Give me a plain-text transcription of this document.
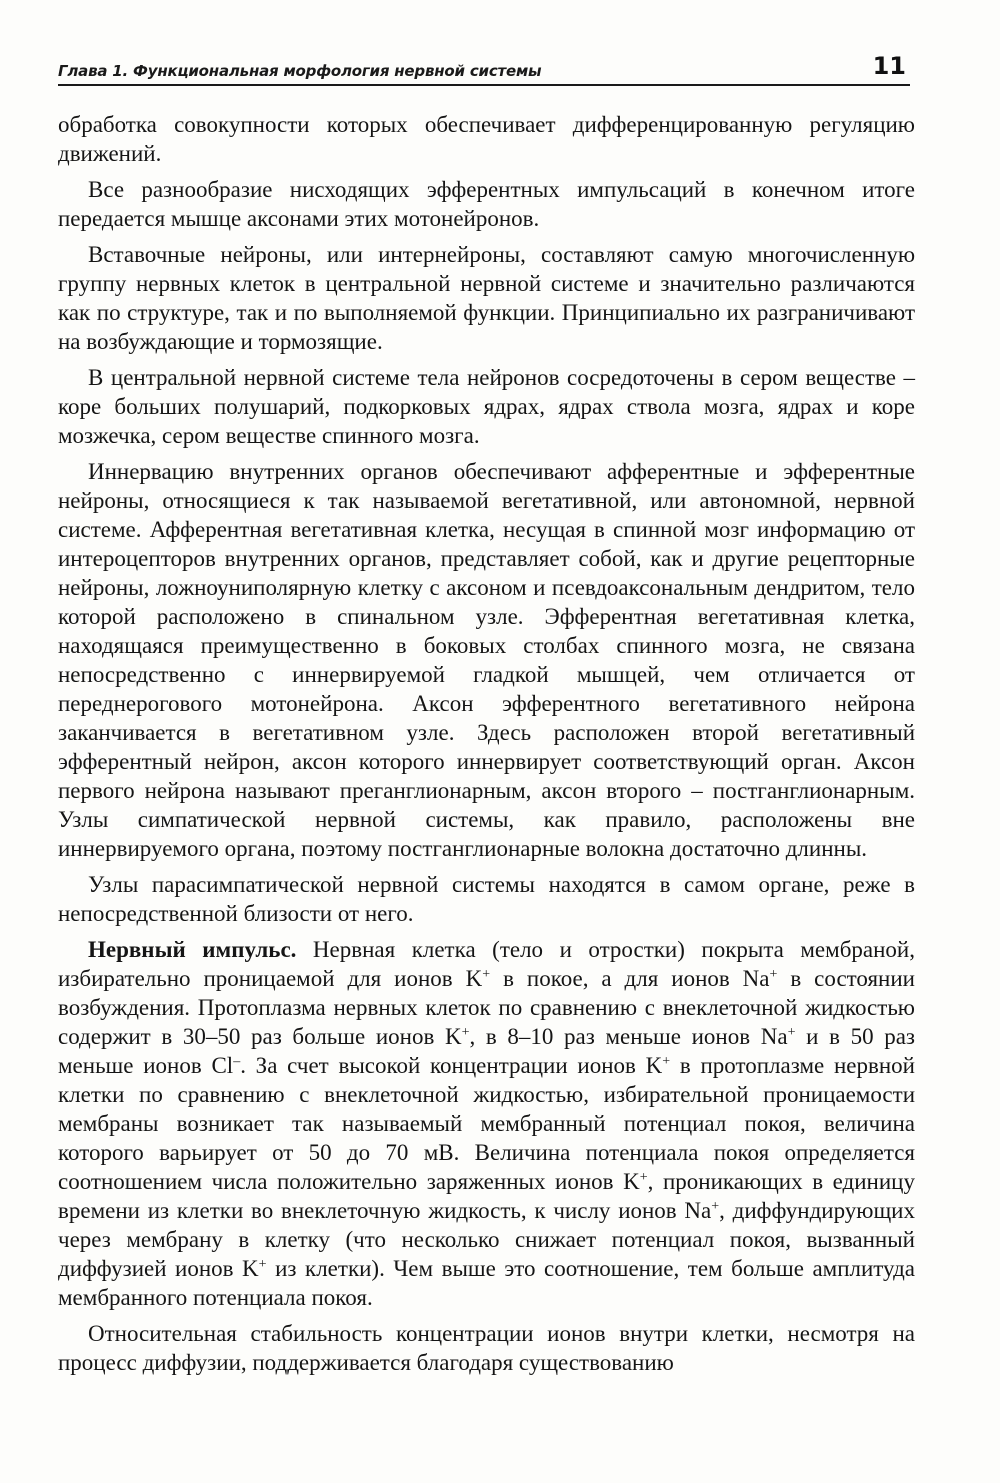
Глава 1. Функциональная морфология нервной системы	11

обработка совокупности которых обеспечивает дифференцированную регуляцию движений.

Все разнообразие нисходящих эфферентных импульсаций в конечном итоге передается мышце аксонами этих мотонейронов.

Вставочные нейроны, или интернейроны, составляют самую многочисленную группу нервных клеток в центральной нервной системе и значительно различаются как по структуре, так и по выполняемой функции. Принципиально их разграничивают на возбуждающие и тормозящие.

В центральной нервной системе тела нейронов сосредоточены в сером веществе – коре больших полушарий, подкорковых ядрах, ядрах ствола мозга, ядрах и коре мозжечка, сером веществе спинного мозга.

Иннервацию внутренних органов обеспечивают афферентные и эфферентные нейроны, относящиеся к так называемой вегетативной, или автономной, нервной системе. Афферентная вегетативная клетка, несущая в спинной мозг информацию от интероцепторов внутренних органов, представляет собой, как и другие рецепторные нейроны, ложноуниполярную клетку с аксоном и псевдоаксональным дендритом, тело которой расположено в спинальном узле. Эфферентная вегетативная клетка, находящаяся преимущественно в боковых столбах спинного мозга, не связана непосредственно с иннервируемой гладкой мышцей, чем отличается от переднерогового мотонейрона. Аксон эфферентного вегетативного нейрона заканчивается в вегетативном узле. Здесь расположен второй вегетативный эфферентный нейрон, аксон которого иннервирует соответствующий орган. Аксон первого нейрона называют преганглионарным, аксон второго – постганглионарным. Узлы симпатической нервной системы, как правило, расположены вне иннервируемого органа, поэтому постганглионарные волокна достаточно длинны.

Узлы парасимпатической нервной системы находятся в самом органе, реже в непосредственной близости от него.

Нервный импульс. Нервная клетка (тело и отростки) покрыта мембраной, избирательно проницаемой для ионов K+ в покое, а для ионов Na+ в состоянии возбуждения. Протоплазма нервных клеток по сравнению с внеклеточной жидкостью содержит в 30–50 раз больше ионов K+, в 8–10 раз меньше ионов Na+ и в 50 раз меньше ионов Cl–. За счет высокой концентрации ионов K+ в протоплазме нервной клетки по сравнению с внеклеточной жидкостью, избирательной проницаемости мембраны возникает так называемый мембранный потенциал покоя, величина которого варьирует от 50 до 70 мВ. Величина потенциала покоя определяется соотношением числа положительно заряженных ионов K+, проникающих в единицу времени из клетки во внеклеточную жидкость, к числу ионов Na+, диффундирующих через мембрану в клетку (что несколько снижает потенциал покоя, вызванный диффузией ионов K+ из клетки). Чем выше это соотношение, тем больше амплитуда мембранного потенциала покоя.

Относительная стабильность концентрации ионов внутри клетки, несмотря на процесс диффузии, поддерживается благодаря существованию
